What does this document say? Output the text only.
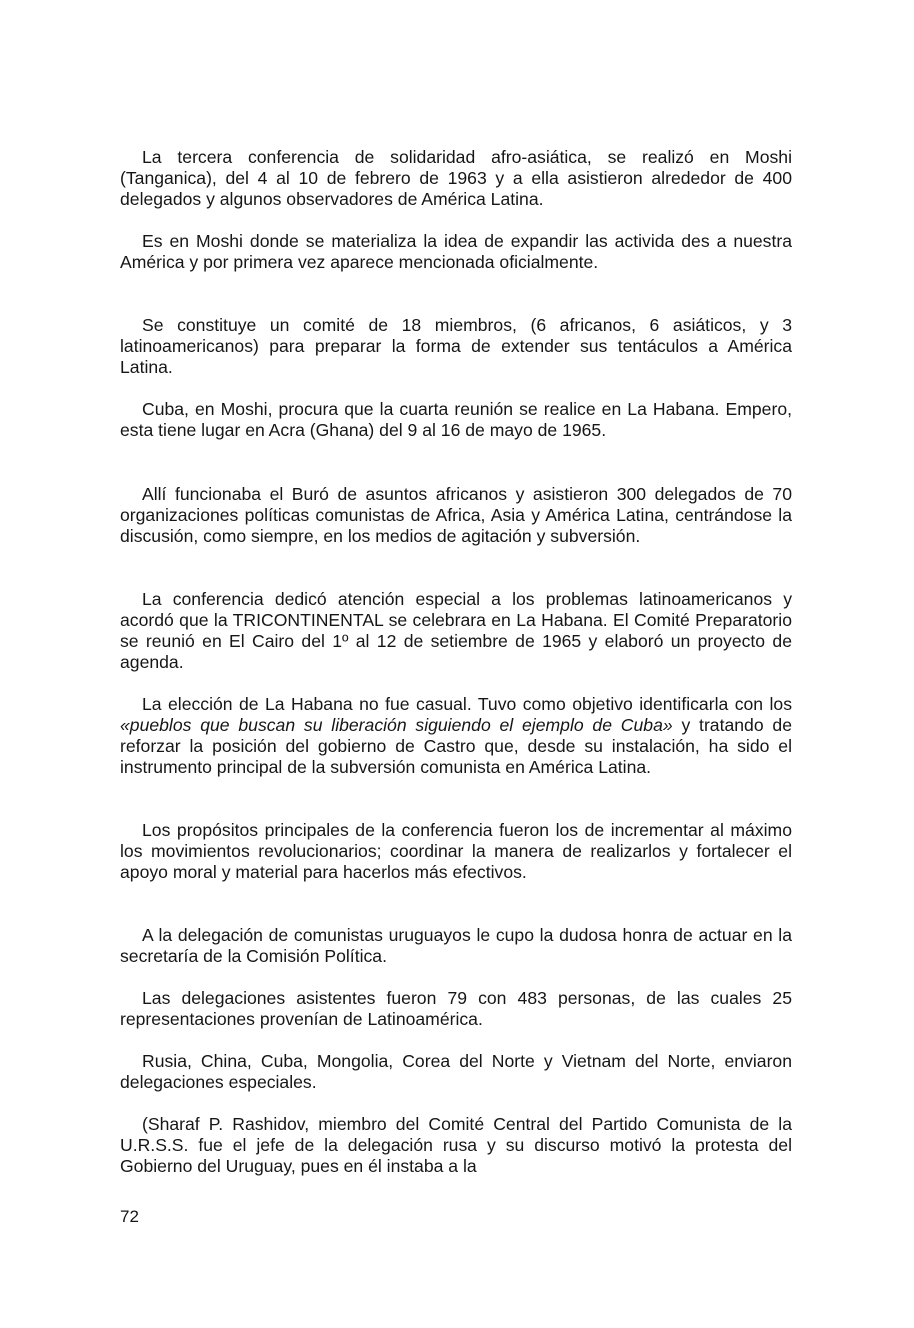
La tercera conferencia de solidaridad afro-asiática, se realizó en Moshi (Tanganica), del 4 al 10 de febrero de 1963 y a ella asistieron alrededor de 400 delegados y algunos observadores de América Latina.

Es en Moshi donde se materializa la idea de expandir las activida des a nuestra América y por primera vez aparece mencionada oficialmente.

Se constituye un comité de 18 miembros, (6 africanos, 6 asiáticos, y 3 latinoamericanos) para preparar la forma de extender sus tentáculos a América Latina.

Cuba, en Moshi, procura que la cuarta reunión se realice en La Habana. Empero, esta tiene lugar en Acra (Ghana) del 9 al 16 de mayo de 1965.

Allí funcionaba el Buró de asuntos africanos y asistieron 300 delegados de 70 organizaciones políticas comunistas de Africa, Asia y América Latina, centrándose la discusión, como siempre, en los medios de agitación y subversión.

La conferencia dedicó atención especial a los problemas latinoamericanos y acordó que la TRICONTINENTAL se celebrara en La Habana. El Comité Preparatorio se reunió en El Cairo del 1º al 12 de setiembre de 1965 y elaboró un proyecto de agenda.

La elección de La Habana no fue casual. Tuvo como objetivo identificarla con los «pueblos que buscan su liberación siguiendo el ejemplo de Cuba» y tratando de reforzar la posición del gobierno de Castro que, desde su instalación, ha sido el instrumento principal de la subversión comunista en América Latina.

Los propósitos principales de la conferencia fueron los de incrementar al máximo los movimientos revolucionarios; coordinar la manera de realizarlos y fortalecer el apoyo moral y material para hacerlos más efectivos.

A la delegación de comunistas uruguayos le cupo la dudosa honra de actuar en la secretaría de la Comisión Política.

Las delegaciones asistentes fueron 79 con 483 personas, de las cuales 25 representaciones provenían de Latinoamérica.

Rusia, China, Cuba, Mongolia, Corea del Norte y Vietnam del Norte, enviaron delegaciones especiales.

(Sharaf P. Rashidov, miembro del Comité Central del Partido Comunista de la U.R.S.S. fue el jefe de la delegación rusa y su discurso motivó la protesta del Gobierno del Uruguay, pues en él instaba a la

72
